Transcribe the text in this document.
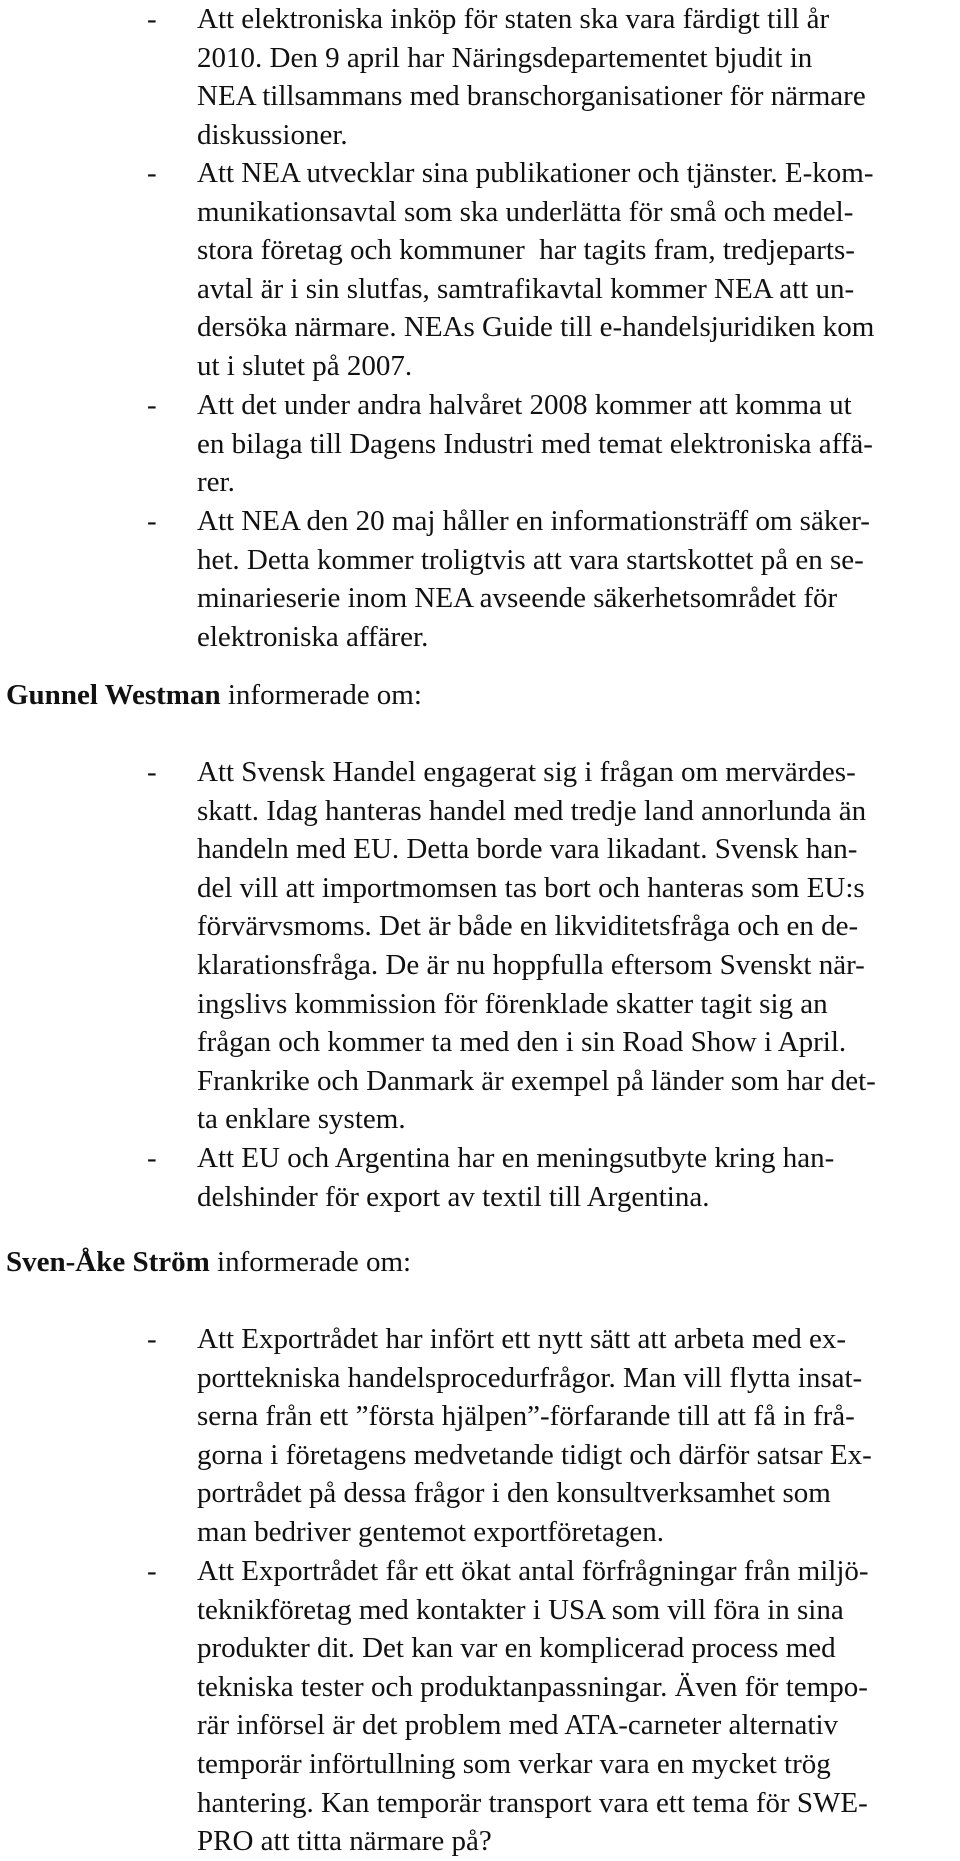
- Att elektroniska inköp för staten ska vara färdigt till år
2010. Den 9 april har Näringsdepartementet bjudit in
NEA tillsammans med branschorganisationer för närmare
diskussioner.
- Att NEA utvecklar sina publikationer och tjänster. E-kom-
munikationsavtal som ska underlätta för små och medel-
stora företag och kommuner  har tagits fram, tredjeparts-
avtal är i sin slutfas, samtrafikavtal kommer NEA att un-
dersöka närmare. NEAs Guide till e-handelsjuridiken kom
ut i slutet på 2007.
- Att det under andra halvåret 2008 kommer att komma ut
en bilaga till Dagens Industri med temat elektroniska affä-
rer.
- Att NEA den 20 maj håller en informationsträff om säker-
het. Detta kommer troligtvis att vara startskottet på en se-
minarieserie inom NEA avseende säkerhetsområdet för
elektroniska affärer.
Gunnel Westman informerade om:
- Att Svensk Handel engagerat sig i frågan om mervärdes-
skatt. Idag hanteras handel med tredje land annorlunda än
handeln med EU. Detta borde vara likadant. Svensk han-
del vill att importmomsen tas bort och hanteras som EU:s
förvärvsmoms. Det är både en likviditetsfråga och en de-
klarationsfråga. De är nu hoppfulla eftersom Svenskt när-
ingslivs kommission för förenklade skatter tagit sig an
frågan och kommer ta med den i sin Road Show i April.
Frankrike och Danmark är exempel på länder som har det-
ta enklare system.
- Att EU och Argentina har en meningsutbyte kring han-
delshinder för export av textil till Argentina.
Sven-Åke Ström informerade om:
- Att Exportrådet har infört ett nytt sätt att arbeta med ex-
porttekniska handelsprocedurfrågor. Man vill flytta insat-
serna från ett ”första hjälpen”-förfarande till att få in frå-
gorna i företagens medvetande tidigt och därför satsar Ex-
portrådet på dessa frågor i den konsultverksamhet som
man bedriver gentemot exportföretagen.
- Att Exportrådet får ett ökat antal förfrågningar från miljö-
teknikföretag med kontakter i USA som vill föra in sina
produkter dit. Det kan var en komplicerad process med
tekniska tester och produktanpassningar. Även för tempo-
rär införsel är det problem med ATA-carneter alternativ
temporär införtullning som verkar vara en mycket trög
hantering. Kan temporär transport vara ett tema för SWE-
PRO att titta närmare på?
